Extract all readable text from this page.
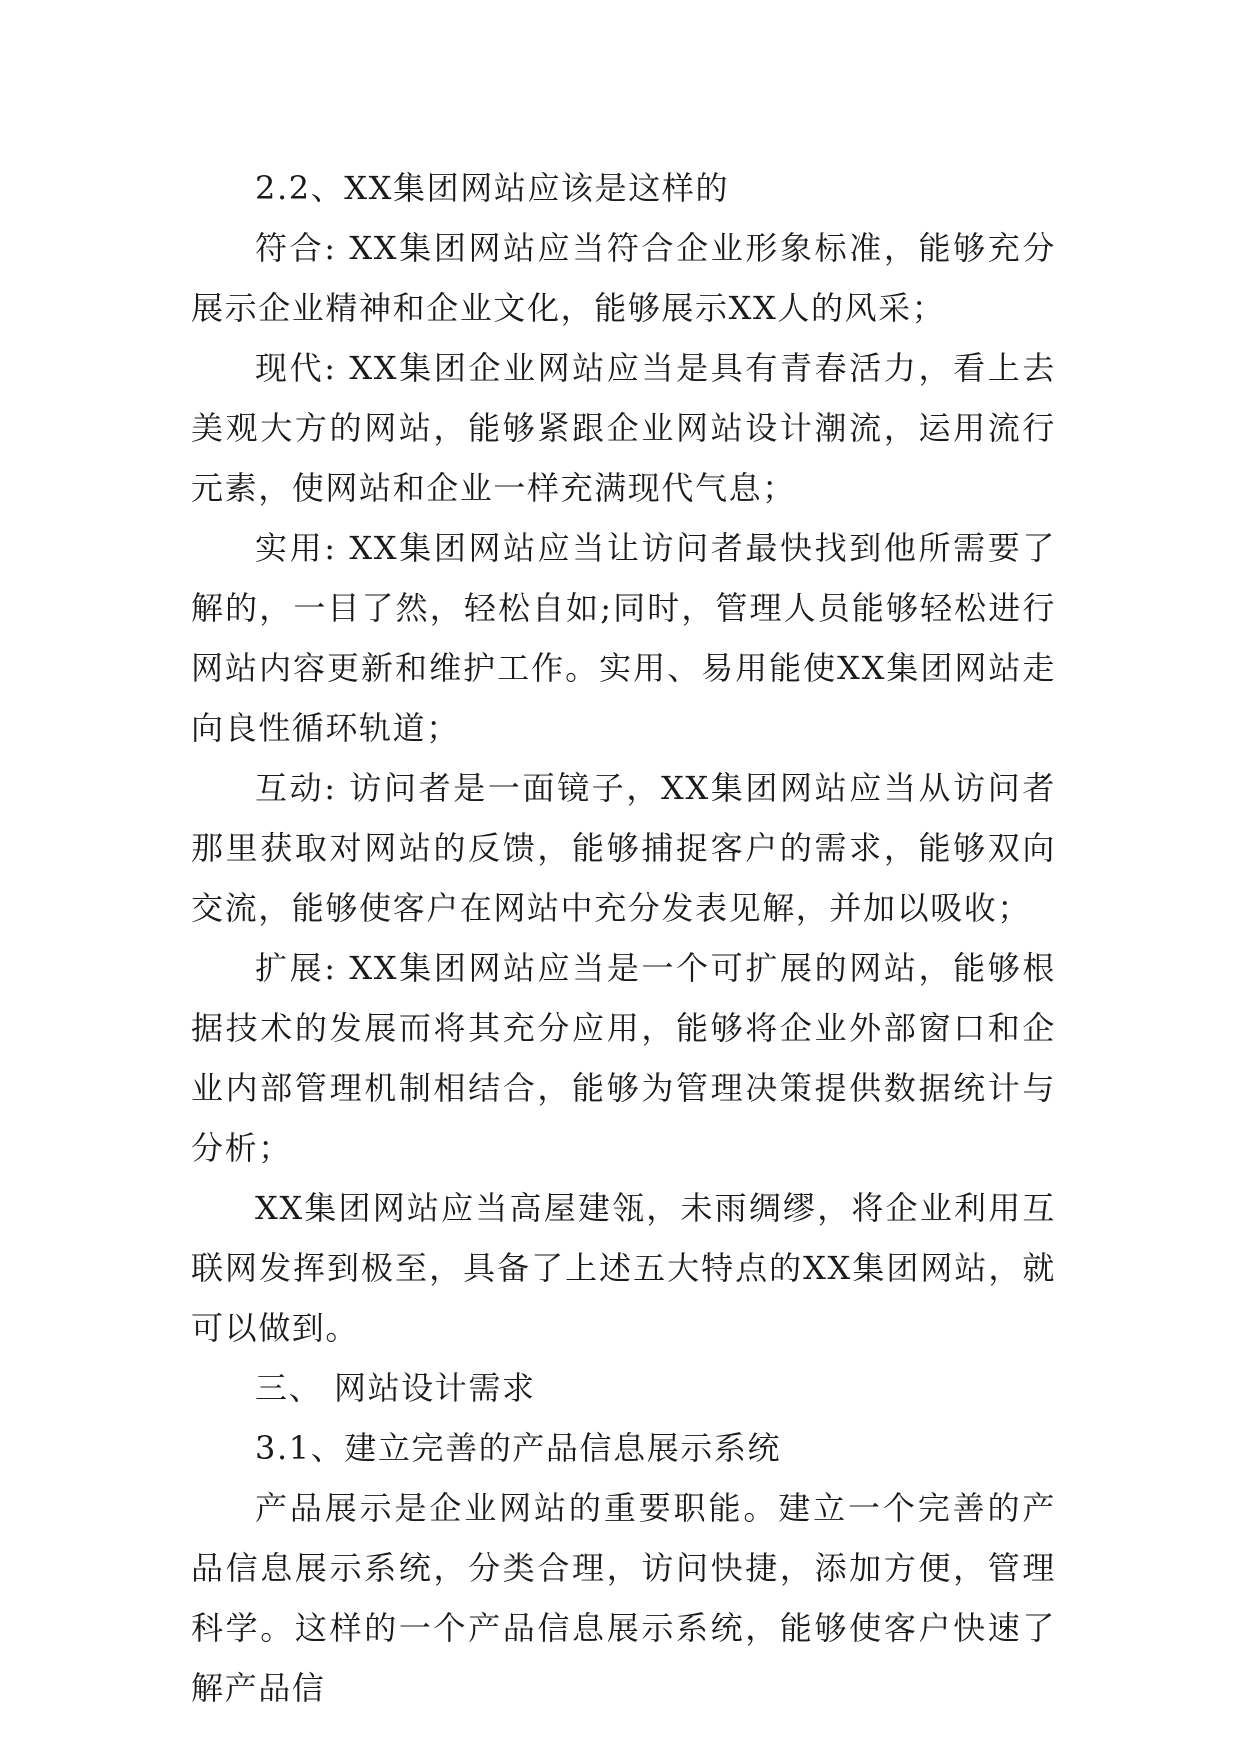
2.2、XX集团网站应该是这样的

符合: XX集团网站应当符合企业形象标准，能够充分展示企业精神和企业文化，能够展示XX人的风采；

现代: XX集团企业网站应当是具有青春活力，看上去美观大方的网站，能够紧跟企业网站设计潮流，运用流行元素，使网站和企业一样充满现代气息；

实用: XX集团网站应当让访问者最快找到他所需要了解的，一目了然，轻松自如;同时，管理人员能够轻松进行网站内容更新和维护工作。实用、易用能使XX集团网站走向良性循环轨道；

互动: 访问者是一面镜子，XX集团网站应当从访问者那里获取对网站的反馈，能够捕捉客户的需求，能够双向交流，能够使客户在网站中充分发表见解，并加以吸收；

扩展: XX集团网站应当是一个可扩展的网站，能够根据技术的发展而将其充分应用，能够将企业外部窗口和企业内部管理机制相结合，能够为管理决策提供数据统计与分析；

XX集团网站应当高屋建瓴，未雨绸缪，将企业利用互联网发挥到极至，具备了上述五大特点的XX集团网站，就可以做到。

三、 网站设计需求

3.1、建立完善的产品信息展示系统

产品展示是企业网站的重要职能。建立一个完善的产品信息展示系统，分类合理，访问快捷，添加方便，管理科学。这样的一个产品信息展示系统，能够使客户快速了解产品信
